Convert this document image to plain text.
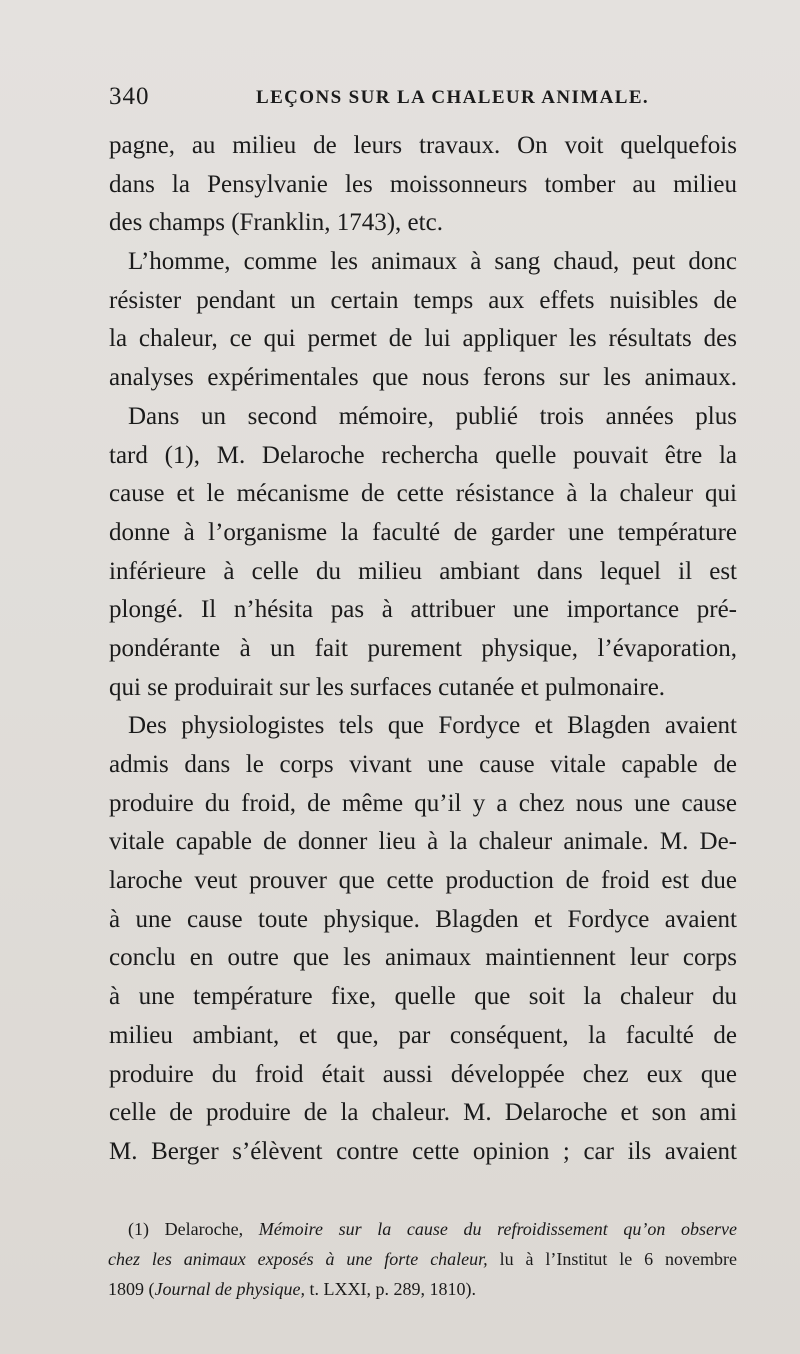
340	LEÇONS SUR LA CHALEUR ANIMALE.
pagne, au milieu de leurs travaux. On voit quelquefois
dans la Pensylvanie les moissonneurs tomber au milieu
des champs (Franklin, 1743), etc.
L’homme, comme les animaux à sang chaud, peut donc
résister pendant un certain temps aux effets nuisibles de
la chaleur, ce qui permet de lui appliquer les résultats des
analyses expérimentales que nous ferons sur les animaux.
Dans un second mémoire, publié trois années plus
tard (1), M. Delaroche rechercha quelle pouvait être la
cause et le mécanisme de cette résistance à la chaleur qui
donne à l’organisme la faculté de garder une température
inférieure à celle du milieu ambiant dans lequel il est
plongé. Il n’hésita pas à attribuer une importance pré-
pondérante à un fait purement physique, l’évaporation,
qui se produirait sur les surfaces cutanée et pulmonaire.
Des physiologistes tels que Fordyce et Blagden avaient
admis dans le corps vivant une cause vitale capable de
produire du froid, de même qu’il y a chez nous une cause
vitale capable de donner lieu à la chaleur animale. M. De-
laroche veut prouver que cette production de froid est due
à une cause toute physique. Blagden et Fordyce avaient
conclu en outre que les animaux maintiennent leur corps
à une température fixe, quelle que soit la chaleur du
milieu ambiant, et que, par conséquent, la faculté de
produire du froid était aussi développée chez eux que
celle de produire de la chaleur. M. Delaroche et son ami
M. Berger s’élèvent contre cette opinion ; car ils avaient
(1) Delaroche, Mémoire sur la cause du refroidissement qu’on observe
chez les animaux exposés à une forte chaleur, lu à l’Institut le 6 novembre
1809 (Journal de physique, t. LXXI, p. 289, 1810).
